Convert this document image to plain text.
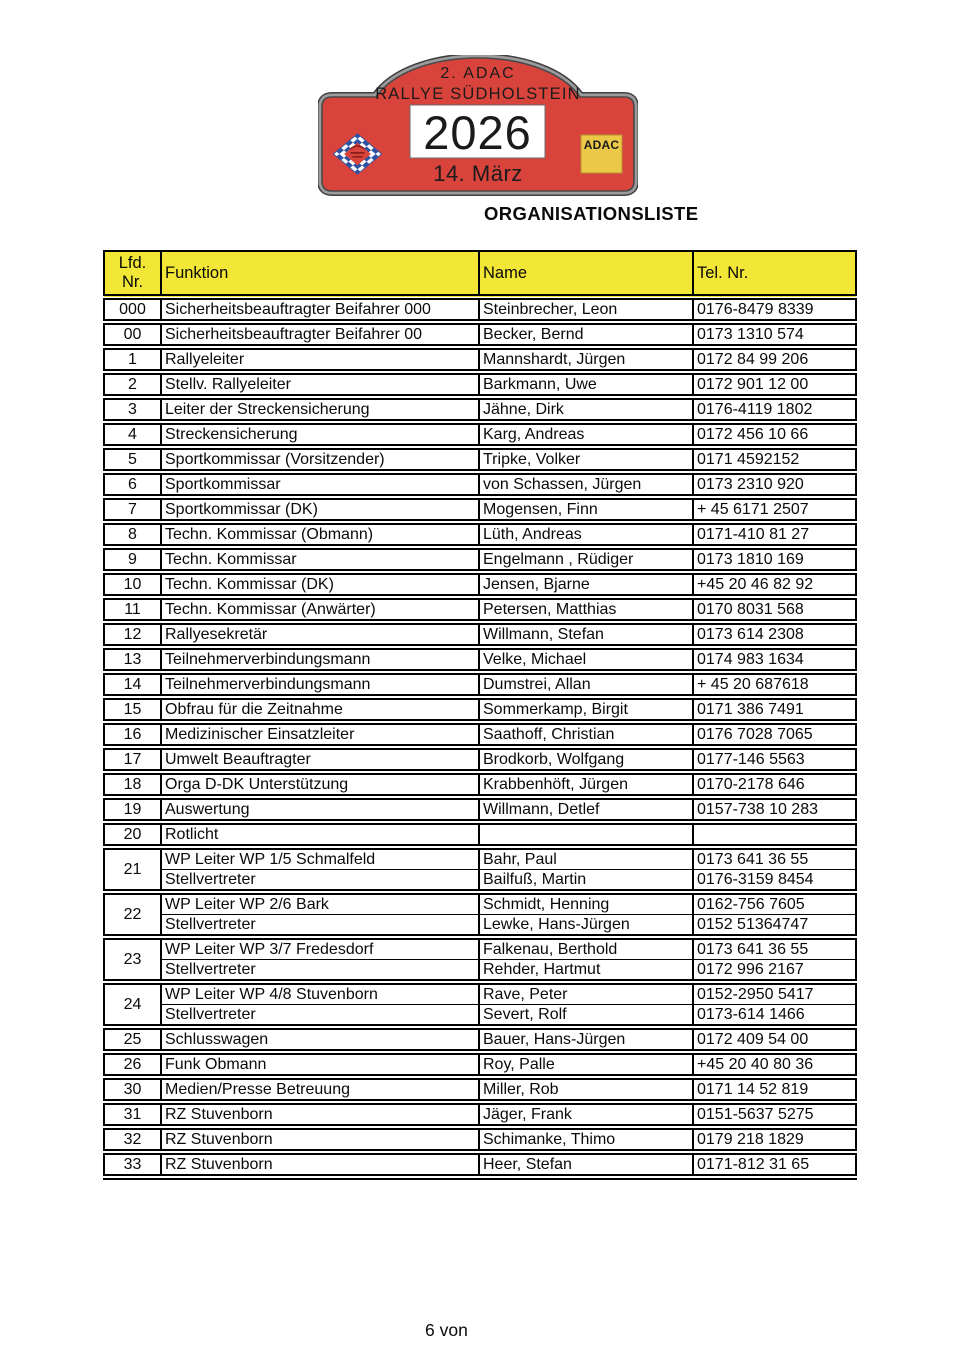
2. ADAC
RALLYE SÜDHOLSTEIN
2026
14. März
ADAC
ORGANISATIONSLISTE
Lfd.
Nr.	Funktion	Name	Tel. Nr.
000	Sicherheitsbeauftragter Beifahrer 000	Steinbrecher, Leon	0176-8479 8339
00	Sicherheitsbeauftragter Beifahrer 00	Becker, Bernd	0173 1310 574
1	Rallyeleiter	Mannshardt, Jürgen	0172 84 99 206
2	Stellv. Rallyeleiter	Barkmann, Uwe	0172 901 12 00
3	Leiter der Streckensicherung	Jähne, Dirk	0176-4119 1802
4	Streckensicherung	Karg, Andreas	0172 456 10 66
5	Sportkommissar (Vorsitzender)	Tripke, Volker	0171 4592152
6	Sportkommissar	von Schassen, Jürgen	0173 2310 920
7	Sportkommissar (DK)	Mogensen, Finn	+ 45 6171 2507
8	Techn. Kommissar (Obmann)	Lüth, Andreas	0171-410 81 27
9	Techn. Kommissar	Engelmann , Rüdiger	0173 1810 169
10	Techn. Kommissar (DK)	Jensen, Bjarne	+45 20 46 82 92
11	Techn. Kommissar (Anwärter)	Petersen, Matthias	0170 8031 568
12	Rallyesekretär	Willmann, Stefan	0173 614 2308
13	Teilnehmerverbindungsmann	Velke, Michael	0174 983 1634
14	Teilnehmerverbindungsmann	Dumstrei, Allan	+ 45 20 687618
15	Obfrau für die Zeitnahme	Sommerkamp, Birgit	0171 386 7491
16	Medizinischer Einsatzleiter	Saathoff, Christian	0176 7028 7065
17	Umwelt Beauftragter	Brodkorb, Wolfgang	0177-146 5563
18	Orga D-DK Unterstützung	Krabbenhöft, Jürgen	0170-2178 646
19	Auswertung	Willmann, Detlef	0157-738 10 283
20	Rotlicht		
21	WP Leiter WP 1/5 Schmalfeld	Bahr, Paul	0173 641 36 55
	Stellvertreter	Bailfuß, Martin	0176-3159 8454
22	WP Leiter WP 2/6 Bark	Schmidt, Henning	0162-756 7605
	Stellvertreter	Lewke, Hans-Jürgen	0152 51364747
23	WP Leiter WP 3/7 Fredesdorf	Falkenau, Berthold	0173 641 36 55
	Stellvertreter	Rehder, Hartmut	0172 996 2167
24	WP Leiter WP 4/8 Stuvenborn	Rave, Peter	0152-2950 5417
	Stellvertreter	Severt, Rolf	0173-614 1466
25	Schlusswagen	Bauer, Hans-Jürgen	0172 409 54 00
26	Funk Obmann	Roy, Palle	+45 20 40 80 36
30	Medien/Presse Betreuung	Miller, Rob	0171 14 52 819
31	RZ Stuvenborn	Jäger, Frank	0151-5637 5275
32	RZ Stuvenborn	Schimanke, Thimo	0179 218 1829
33	RZ Stuvenborn	Heer, Stefan	0171-812 31 65
6 von
